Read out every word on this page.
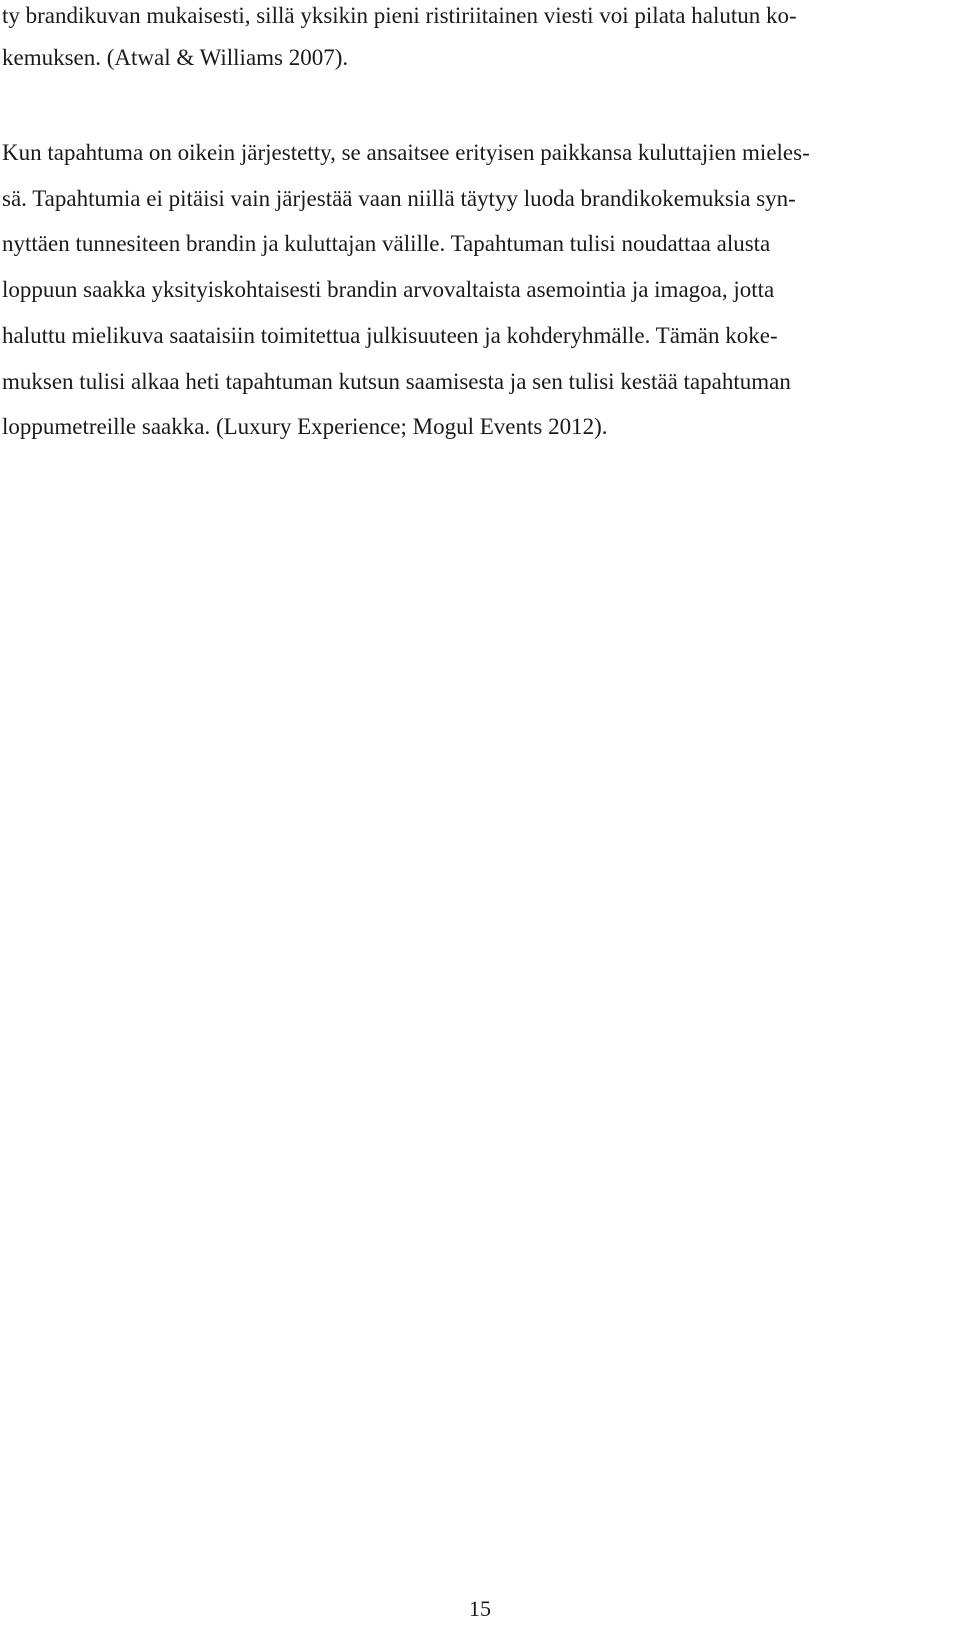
ty brandikuvan mukaisesti, sillä yksikin pieni ristiriitainen viesti voi pilata halutun ko-
kemuksen. (Atwal & Williams 2007).
Kun tapahtuma on oikein järjestetty, se ansaitsee erityisen paikkansa kuluttajien mieles-
sä. Tapahtumia ei pitäisi vain järjestää vaan niillä täytyy luoda brandikokemuksia syn-
nyttäen tunnesiteen brandin ja kuluttajan välille. Tapahtuman tulisi noudattaa alusta
loppuun saakka yksityiskohtaisesti brandin arvovaltaista asemointia ja imagoa, jotta
haluttu mielikuva saataisiin toimitettua julkisuuteen ja kohderyhmälle. Tämän koke-
muksen tulisi alkaa heti tapahtuman kutsun saamisesta ja sen tulisi kestää tapahtuman
loppumetreille saakka. (Luxury Experience; Mogul Events 2012).
15
